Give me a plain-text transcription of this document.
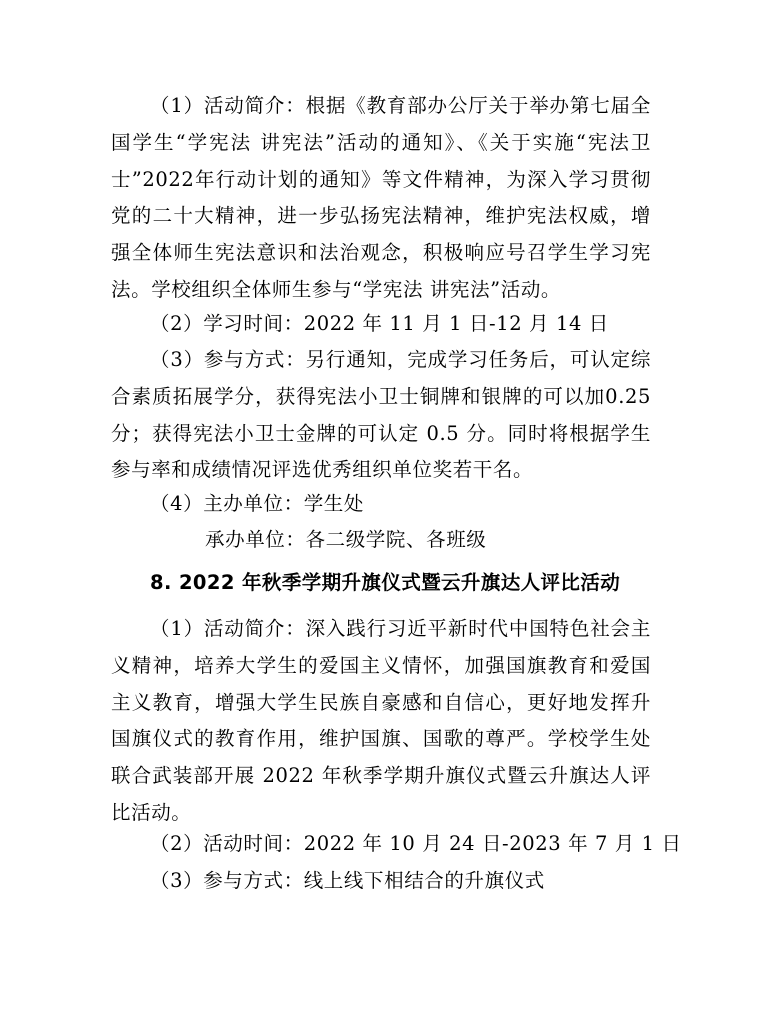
（1）活动简介：根据《教育部办公厅关于举办第七届全国学生“学宪法 讲宪法”活动的通知》、《关于实施“宪法卫士”2022年行动计划的通知》等文件精神，为深入学习贯彻党的二十大精神，进一步弘扬宪法精神，维护宪法权威，增强全体师生宪法意识和法治观念，积极响应号召学生学习宪法。学校组织全体师生参与“学宪法 讲宪法”活动。

（2）学习时间：2022 年 11 月 1 日-12 月 14 日

（3）参与方式：另行通知，完成学习任务后，可认定综合素质拓展学分，获得宪法小卫士铜牌和银牌的可以加0.25分；获得宪法小卫士金牌的可认定 0.5 分。同时将根据学生参与率和成绩情况评选优秀组织单位奖若干名。

（4）主办单位：学生处
承办单位：各二级学院、各班级
8. 2022 年秋季学期升旗仪式暨云升旗达人评比活动

（1）活动简介：深入践行习近平新时代中国特色社会主义精神，培养大学生的爱国主义情怀，加强国旗教育和爱国主义教育，增强大学生民族自豪感和自信心，更好地发挥升国旗仪式的教育作用，维护国旗、国歌的尊严。学校学生处联合武装部开展 2022 年秋季学期升旗仪式暨云升旗达人评比活动。

（2）活动时间：2022 年 10 月 24 日-2023 年 7 月 1 日
（3）参与方式：线上线下相结合的升旗仪式
